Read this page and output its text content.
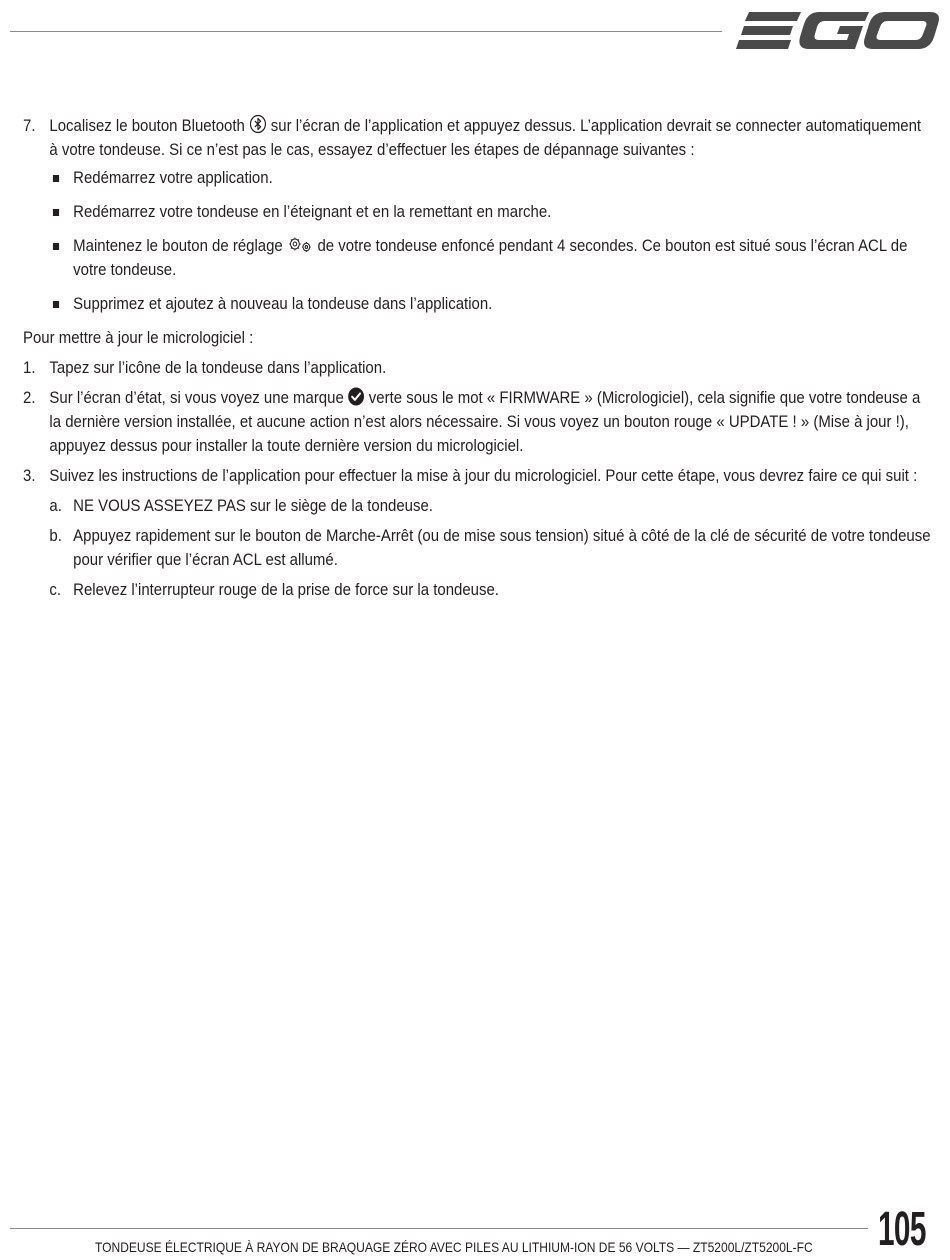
7. Localisez le bouton Bluetooth  sur l’écran de l’application et appuyez dessus. L’application devrait se connecter automatiquement à votre tondeuse. Si ce n’est pas le cas, essayez d’effectuer les étapes de dépannage suivantes :
Redémarrez votre application.
Redémarrez votre tondeuse en l’éteignant et en la remettant en marche.
Maintenez le bouton de réglage  de votre tondeuse enfoncé pendant 4 secondes. Ce bouton est situé sous l’écran ACL de votre tondeuse.
Supprimez et ajoutez à nouveau la tondeuse dans l’application.
Pour mettre à jour le micrologiciel :
1. Tapez sur l’icône de la tondeuse dans l’application.
2. Sur l’écran d’état, si vous voyez une marque  verte sous le mot « FIRMWARE » (Micrologiciel), cela signifie que votre tondeuse a la dernière version installée, et aucune action n’est alors nécessaire. Si vous voyez un bouton rouge « UPDATE ! » (Mise à jour !), appuyez dessus pour installer la toute dernière version du micrologiciel.
3. Suivez les instructions de l’application pour effectuer la mise à jour du micrologiciel. Pour cette étape, vous devrez faire ce qui suit :
a. NE VOUS ASSEYEZ PAS sur le siège de la tondeuse.
b. Appuyez rapidement sur le bouton de Marche-Arrêt (ou de mise sous tension) situé à côté de la clé de sécurité de votre tondeuse pour vérifier que l’écran ACL est allumé.
c. Relevez l’interrupteur rouge de la prise de force sur la tondeuse.
TONDEUSE ÉLECTRIQUE À RAYON DE BRAQUAGE ZÉRO AVEC PILES AU LITHIUM-ION DE 56 VOLTS — ZT5200L/ZT5200L-FC 105
